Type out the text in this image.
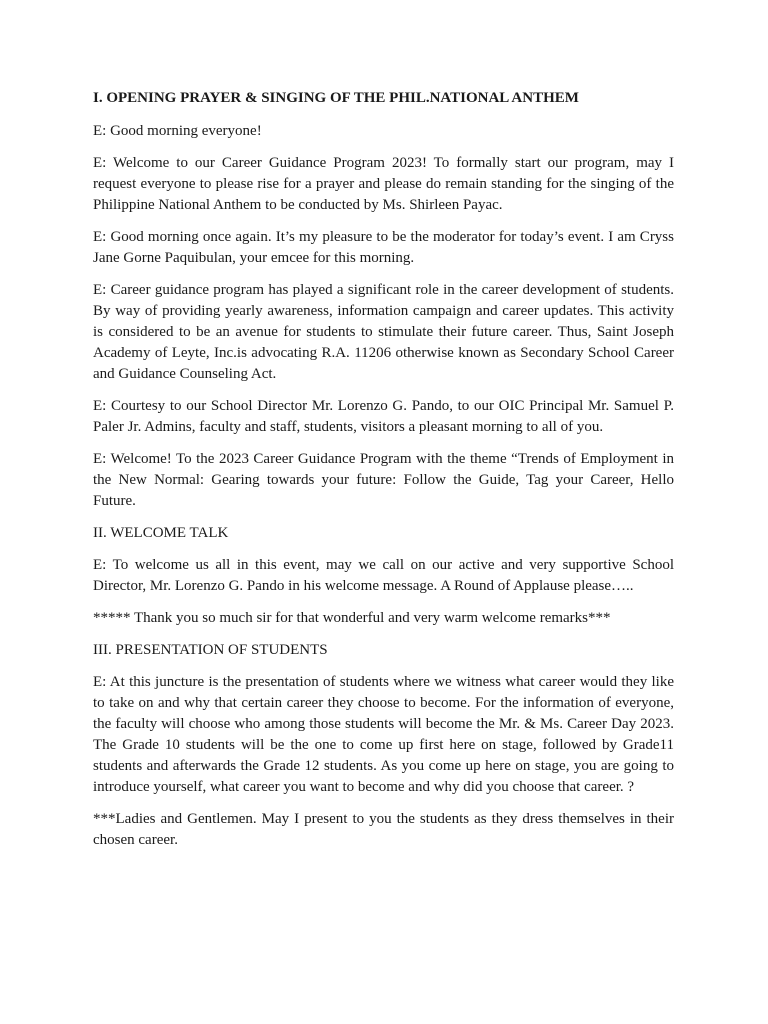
I. OPENING PRAYER & SINGING OF THE PHIL.NATIONAL ANTHEM

E: Good morning everyone!

E: Welcome to our Career Guidance Program 2023! To formally start our program, may I request everyone to please rise for a prayer and please do remain standing for the singing of the Philippine National Anthem to be conducted by Ms. Shirleen Payac.

E: Good morning once again. It’s my pleasure to be the moderator for today’s event. I am Cryss Jane Gorne Paquibulan, your emcee for this morning.

E: Career guidance program has played a significant role in the career development of students. By way of providing yearly awareness, information campaign and career updates. This activity is considered to be an avenue for students to stimulate their future career. Thus, Saint Joseph Academy of Leyte, Inc.is advocating R.A. 11206 otherwise known as Secondary School Career and Guidance Counseling Act.

E: Courtesy to our School Director Mr. Lorenzo G. Pando, to our OIC Principal Mr. Samuel P. Paler Jr. Admins, faculty and staff, students, visitors a pleasant morning to all of you.

E: Welcome! To the 2023 Career Guidance Program with the theme “Trends of Employment in the New Normal: Gearing towards your future: Follow the Guide, Tag your Career, Hello Future.

II. WELCOME TALK

E: To welcome us all in this event, may we call on our active and very supportive School Director, Mr. Lorenzo G. Pando in his welcome message. A Round of Applause please…..

***** Thank you so much sir for that wonderful and very warm welcome remarks***

III. PRESENTATION OF STUDENTS

E: At this juncture is the presentation of students where we witness what career would they like to take on and why that certain career they choose to become. For the information of everyone, the faculty will choose who among those students will become the Mr. & Ms. Career Day 2023. The Grade 10 students will be the one to come up first here on stage, followed by Grade11 students and afterwards the Grade 12 students. As you come up here on stage, you are going to introduce yourself, what career you want to become and why did you choose that career. ?

***Ladies and Gentlemen. May I present to you the students as they dress themselves in their chosen career.
